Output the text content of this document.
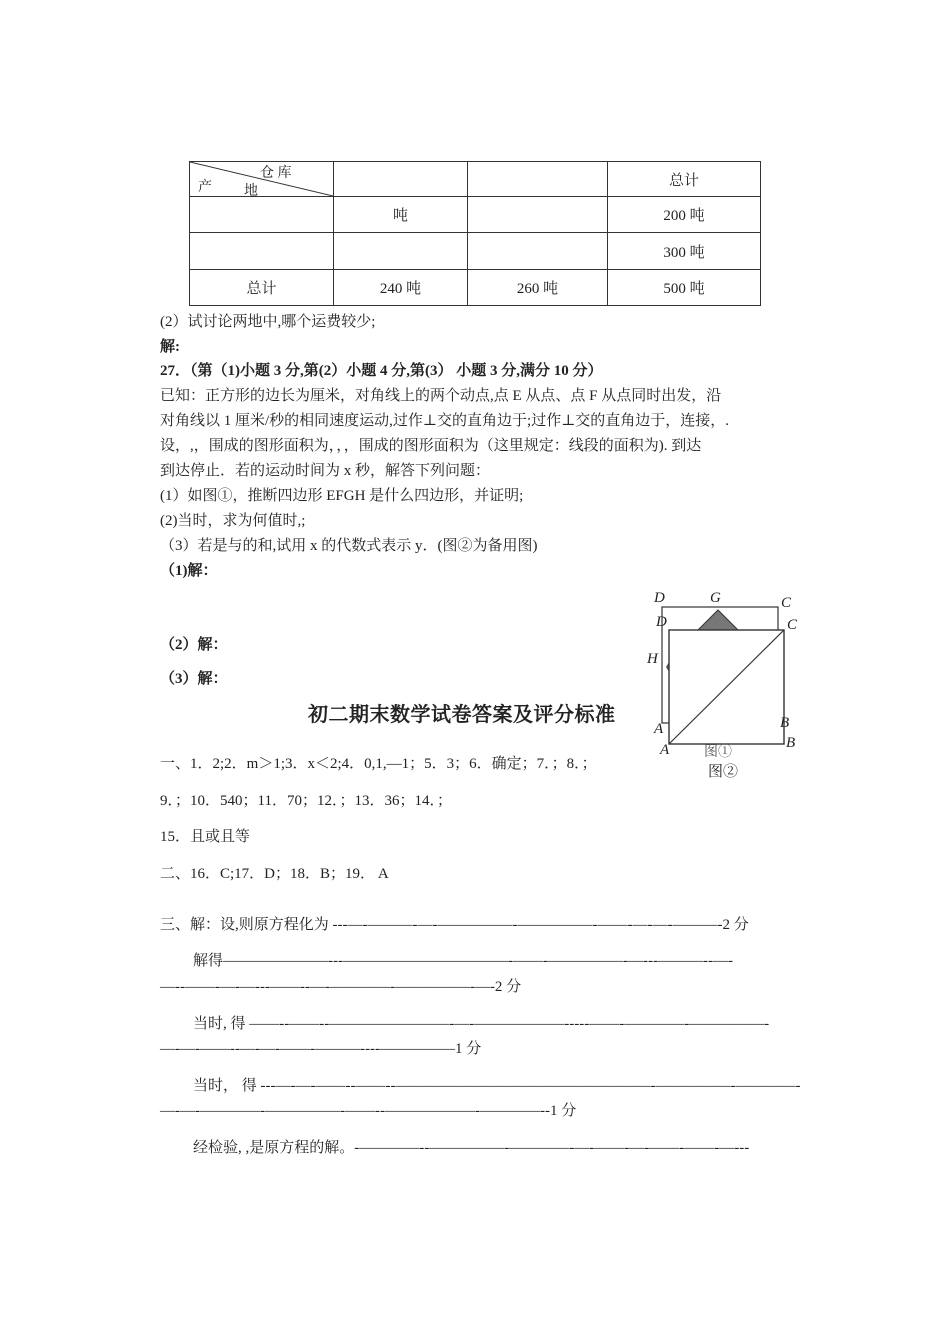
仓 库
产 地			总计
	吨		200 吨
			300 吨
总计	240 吨	260 吨	500 吨
(2）试讨论两地中,哪个运费较少;
解:
27．（第（1)小题 3 分,第(2）小题 4 分,第(3） 小题 3 分,满分 10 分）
已知：正方形的边长为厘米，对角线上的两个动点,点 E 从点、点 F 从点同时出发，沿
对角线以 1 厘米/秒的相同速度运动,过作⊥交的直角边于;过作⊥交的直角边于，连接，.
设，,，围成的图形面积为，，，围成的图形面积为（这里规定：线段的面积为). 到达
到达停止．若的运动时间为 x 秒，解答下列问题：
(1）如图①，推断四边形 EFGH 是什么四边形，并证明;
(2)当时，求为何值时,;
（3）若是与的和,试用 x 的代数式表示 y．(图②为备用图)
（1)解：
（2）解：
（3）解：
D	G	C
D	C
H
A	B
A	B
图①
图②
初二期末数学试卷答案及评分标准
一、1．2;2．m＞1;3．x＜2;4．0,1,—1；5．3；6．确定；7．；8．；
9．；10．540；11．70；12．；13．36；14．；
15．且或且等
二、16．C;17．D；18．B；19． A
三、解：设,则原方程化为 ---—-———-—-—————-—————-——-—-—-———-2 分
解得———————---———————————-——-—————-—---———--—-
—--——-—-—---——--—-————-—————-—-2 分
当时, 得 ——--——--————————-—-——————-----——-————-—————-
—-—-——--—-—-——-———----—————1 分
当时， 得 ---—-—-——--——--—————————————————-—————-————-
—-—-————-—————-——--——————-————--1 分
经检验, ,是原方程的解。-————--—————-————-—-——-—-——-——-—---
